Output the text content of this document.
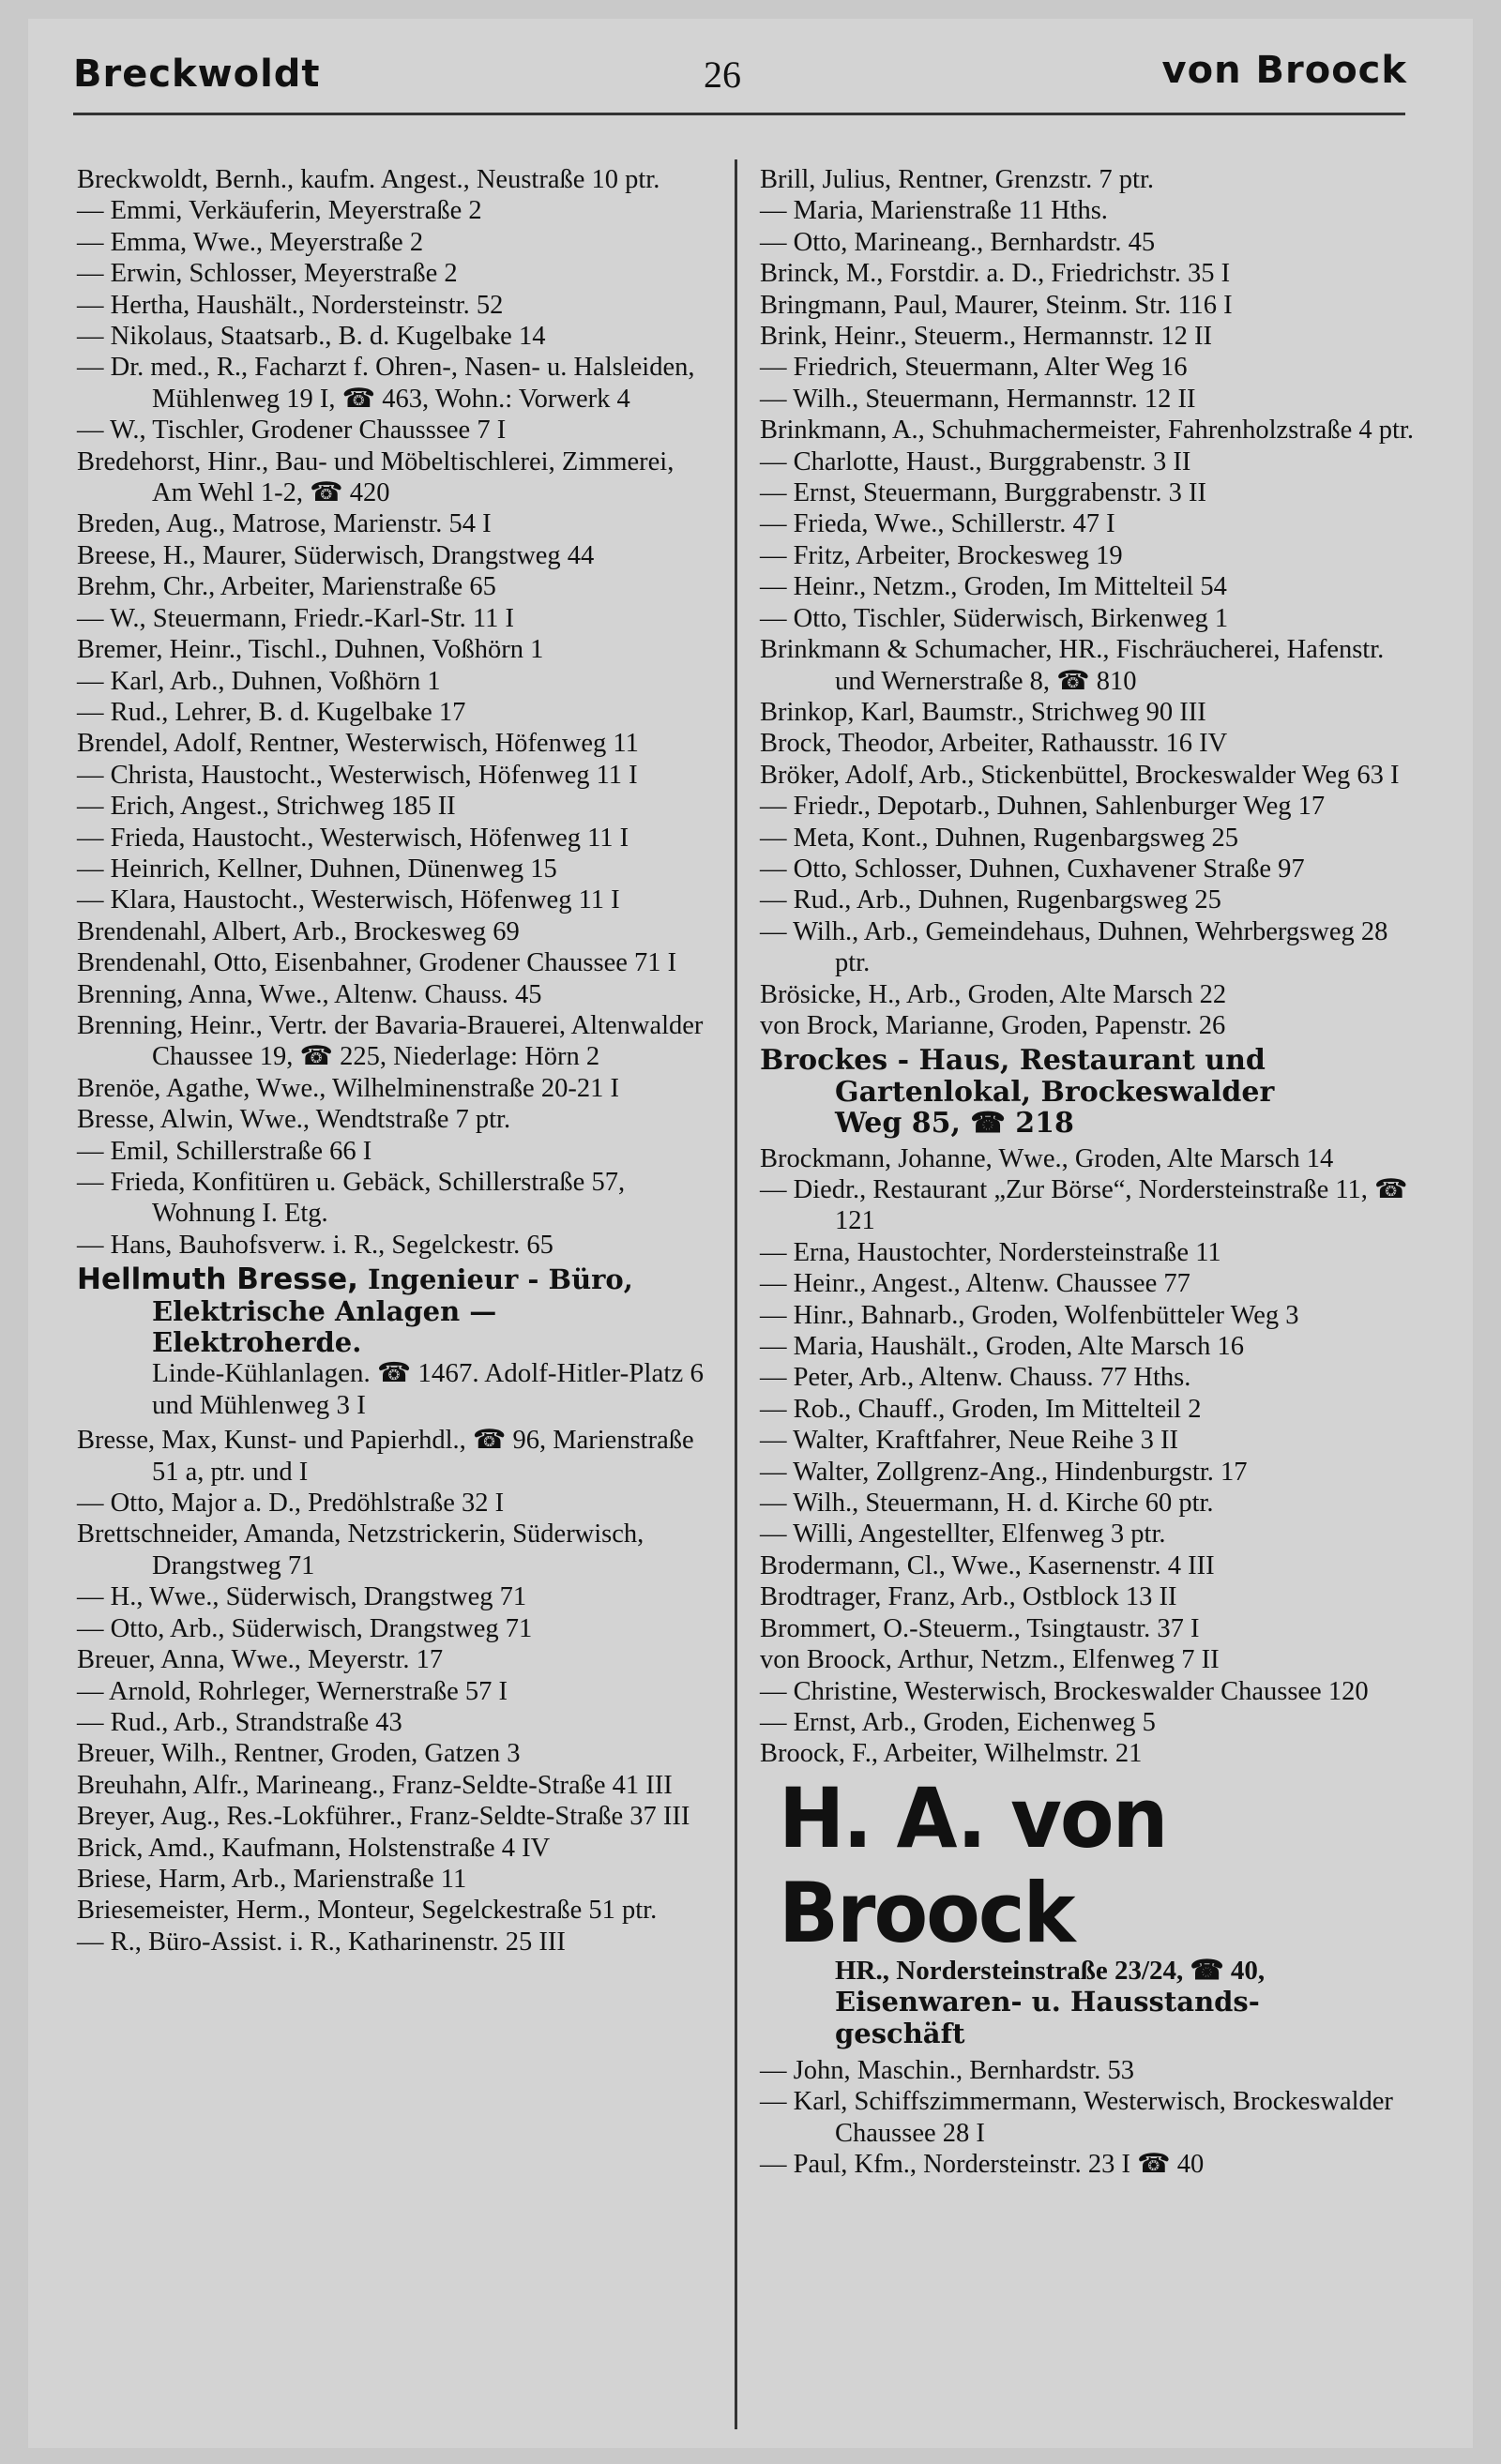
Breckwoldt	26	von Broock

Breckwoldt, Bernh., kaufm. Angest., Neustraße 10 ptr.

— Emmi, Verkäuferin, Meyerstraße 2

— Emma, Wwe., Meyerstraße 2

— Erwin, Schlosser, Meyerstraße 2

— Hertha, Haushält., Nordersteinstr. 52

— Nikolaus, Staatsarb., B. d. Kugelbake 14

— Dr. med., R., Facharzt f. Ohren-, Nasen- u. Halsleiden, Mühlenweg 19 I, ☎ 463, Wohn.: Vorwerk 4

— W., Tischler, Grodener Chausssee 7 I

Bredehorst, Hinr., Bau- und Möbeltischlerei, Zimmerei, Am Wehl 1-2, ☎ 420

Breden, Aug., Matrose, Marienstr. 54 I

Breese, H., Maurer, Süderwisch, Drangstweg 44

Brehm, Chr., Arbeiter, Marienstraße 65

— W., Steuermann, Friedr.-Karl-Str. 11 I

Bremer, Heinr., Tischl., Duhnen, Voßhörn 1

— Karl, Arb., Duhnen, Voßhörn 1

— Rud., Lehrer, B. d. Kugelbake 17

Brendel, Adolf, Rentner, Westerwisch, Höfenweg 11

— Christa, Haustocht., Westerwisch, Höfenweg 11 I

— Erich, Angest., Strichweg 185 II

— Frieda, Haustocht., Westerwisch, Höfenweg 11 I

— Heinrich, Kellner, Duhnen, Dünenweg 15

— Klara, Haustocht., Westerwisch, Höfenweg 11 I

Brendenahl, Albert, Arb., Brockesweg 69

Brendenahl, Otto, Eisenbahner, Grodener Chaussee 71 I

Brenning, Anna, Wwe., Altenw. Chauss. 45

Brenning, Heinr., Vertr. der Bavaria-Brauerei, Altenwalder Chaussee 19, ☎ 225, Niederlage: Hörn 2

Brenöe, Agathe, Wwe., Wilhelminenstraße 20-21 I

Bresse, Alwin, Wwe., Wendtstraße 7 ptr.

— Emil, Schillerstraße 66 I

— Frieda, Konfitüren u. Gebäck, Schillerstraße 57, Wohnung I. Etg.

— Hans, Bauhofsverw. i. R., Segelckestr. 65

Hellmuth Bresse, Ingenieur - Büro,
Elektrische Anlagen — Elektroherde.
Linde-Kühlanlagen. ☎ 1467. Adolf-Hitler-Platz 6 und Mühlenweg 3 I

Bresse, Max, Kunst- und Papierhdl., ☎ 96, Marienstraße 51 a, ptr. und I

— Otto, Major a. D., Predöhlstraße 32 I

Brettschneider, Amanda, Netzstrickerin, Süderwisch, Drangstweg 71

— H., Wwe., Süderwisch, Drangstweg 71

— Otto, Arb., Süderwisch, Drangstweg 71

Breuer, Anna, Wwe., Meyerstr. 17

— Arnold, Rohrleger, Wernerstraße 57 I

— Rud., Arb., Strandstraße 43

Breuer, Wilh., Rentner, Groden, Gatzen 3

Breuhahn, Alfr., Marineang., Franz-Seldte-Straße 41 III

Breyer, Aug., Res.-Lokführer., Franz-Seldte-Straße 37 III

Brick, Amd., Kaufmann, Holstenstraße 4 IV

Briese, Harm, Arb., Marienstraße 11

Briesemeister, Herm., Monteur, Segelckestraße 51 ptr.

— R., Büro-Assist. i. R., Katharinenstr. 25 III

Brill, Julius, Rentner, Grenzstr. 7 ptr.

— Maria, Marienstraße 11 Hths.

— Otto, Marineang., Bernhardstr. 45

Brinck, M., Forstdir. a. D., Friedrichstr. 35 I

Bringmann, Paul, Maurer, Steinm. Str. 116 I

Brink, Heinr., Steuerm., Hermannstr. 12 II

— Friedrich, Steuermann, Alter Weg 16

— Wilh., Steuermann, Hermannstr. 12 II

Brinkmann, A., Schuhmachermeister, Fahrenholzstraße 4 ptr.

— Charlotte, Haust., Burggrabenstr. 3 II

— Ernst, Steuermann, Burggrabenstr. 3 II

— Frieda, Wwe., Schillerstr. 47 I

— Fritz, Arbeiter, Brockesweg 19

— Heinr., Netzm., Groden, Im Mittelteil 54

— Otto, Tischler, Süderwisch, Birkenweg 1

Brinkmann & Schumacher, HR., Fischräucherei, Hafenstr. und Wernerstraße 8, ☎ 810

Brinkop, Karl, Baumstr., Strichweg 90 III

Brock, Theodor, Arbeiter, Rathausstr. 16 IV

Bröker, Adolf, Arb., Stickenbüttel, Brockeswalder Weg 63 I

— Friedr., Depotarb., Duhnen, Sahlenburger Weg 17

— Meta, Kont., Duhnen, Rugenbargsweg 25

— Otto, Schlosser, Duhnen, Cuxhavener Straße 97

— Rud., Arb., Duhnen, Rugenbargsweg 25

— Wilh., Arb., Gemeindehaus, Duhnen, Wehrbergsweg 28 ptr.

Brösicke, H., Arb., Groden, Alte Marsch 22

von Brock, Marianne, Groden, Papenstr. 26

Brockes - Haus, Restaurant und
Gartenlokal, Brockeswalder
Weg 85, ☎ 218

Brockmann, Johanne, Wwe., Groden, Alte Marsch 14

— Diedr., Restaurant „Zur Börse“, Nordersteinstraße 11, ☎ 121

— Erna, Haustochter, Nordersteinstraße 11

— Heinr., Angest., Altenw. Chaussee 77

— Hinr., Bahnarb., Groden, Wolfenbütteler Weg 3

— Maria, Haushält., Groden, Alte Marsch 16

— Peter, Arb., Altenw. Chauss. 77 Hths.

— Rob., Chauff., Groden, Im Mittelteil 2

— Walter, Kraftfahrer, Neue Reihe 3 II

— Walter, Zollgrenz-Ang., Hindenburgstr. 17

— Wilh., Steuermann, H. d. Kirche 60 ptr.

— Willi, Angestellter, Elfenweg 3 ptr.

Brodermann, Cl., Wwe., Kasernenstr. 4 III

Brodtrager, Franz, Arb., Ostblock 13 II

Brommert, O.-Steuerm., Tsingtaustr. 37 I

von Broock, Arthur, Netzm., Elfenweg 7 II

— Christine, Westerwisch, Brockeswalder Chaussee 120

— Ernst, Arb., Groden, Eichenweg 5

Broock, F., Arbeiter, Wilhelmstr. 21

H. A. von Broock
HR., Nordersteinstraße 23/24, ☎ 40,
Eisenwaren- u. Hausstands-
geschäft

— John, Maschin., Bernhardstr. 53

— Karl, Schiffszimmermann, Westerwisch, Brockeswalder Chaussee 28 I

— Paul, Kfm., Nordersteinstr. 23 I ☎ 40
